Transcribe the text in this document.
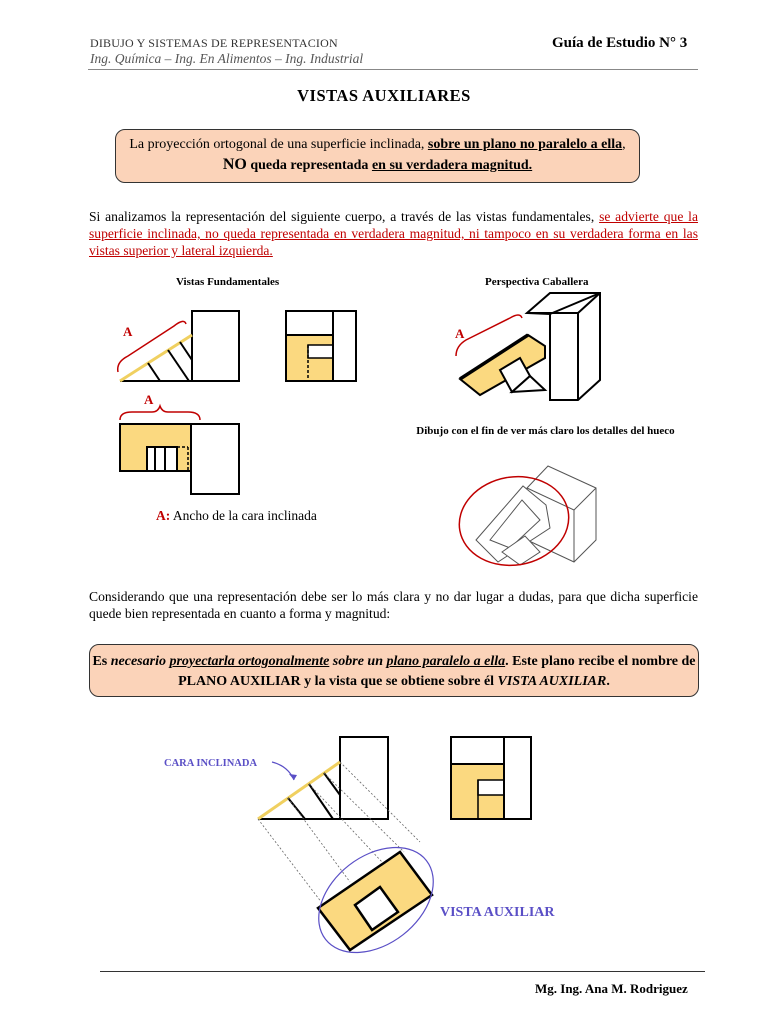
DIBUJO Y SISTEMAS DE REPRESENTACION
Ing. Química – Ing. En Alimentos – Ing. Industrial
Guía de Estudio N° 3
VISTAS AUXILIARES
La proyección ortogonal de una superficie inclinada, sobre un plano no paralelo a ella, NO queda representada en su verdadera magnitud.
Si analizamos la representación del siguiente cuerpo, a través de las vistas fundamentales, se advierte que la superficie inclinada, no queda representada en verdadera magnitud, ni tampoco en su verdadera forma en las vistas superior y lateral izquierda.
Vistas Fundamentales	Perspectiva Caballera
Dibujo con el fin de ver más claro los detalles del hueco
A
A
A
CARA INCLINADA
VISTA AUXILIAR
A: Ancho de la cara inclinada
Considerando que una representación debe ser lo más clara y no dar lugar a dudas, para que dicha superficie quede bien representada en cuanto a forma y magnitud:
Es necesario proyectarla ortogonalmente sobre un plano paralelo a ella. Este plano recibe el nombre de PLANO AUXILIAR y la vista que se obtiene sobre él VISTA AUXILIAR.
Mg. Ing. Ana M. Rodriguez
